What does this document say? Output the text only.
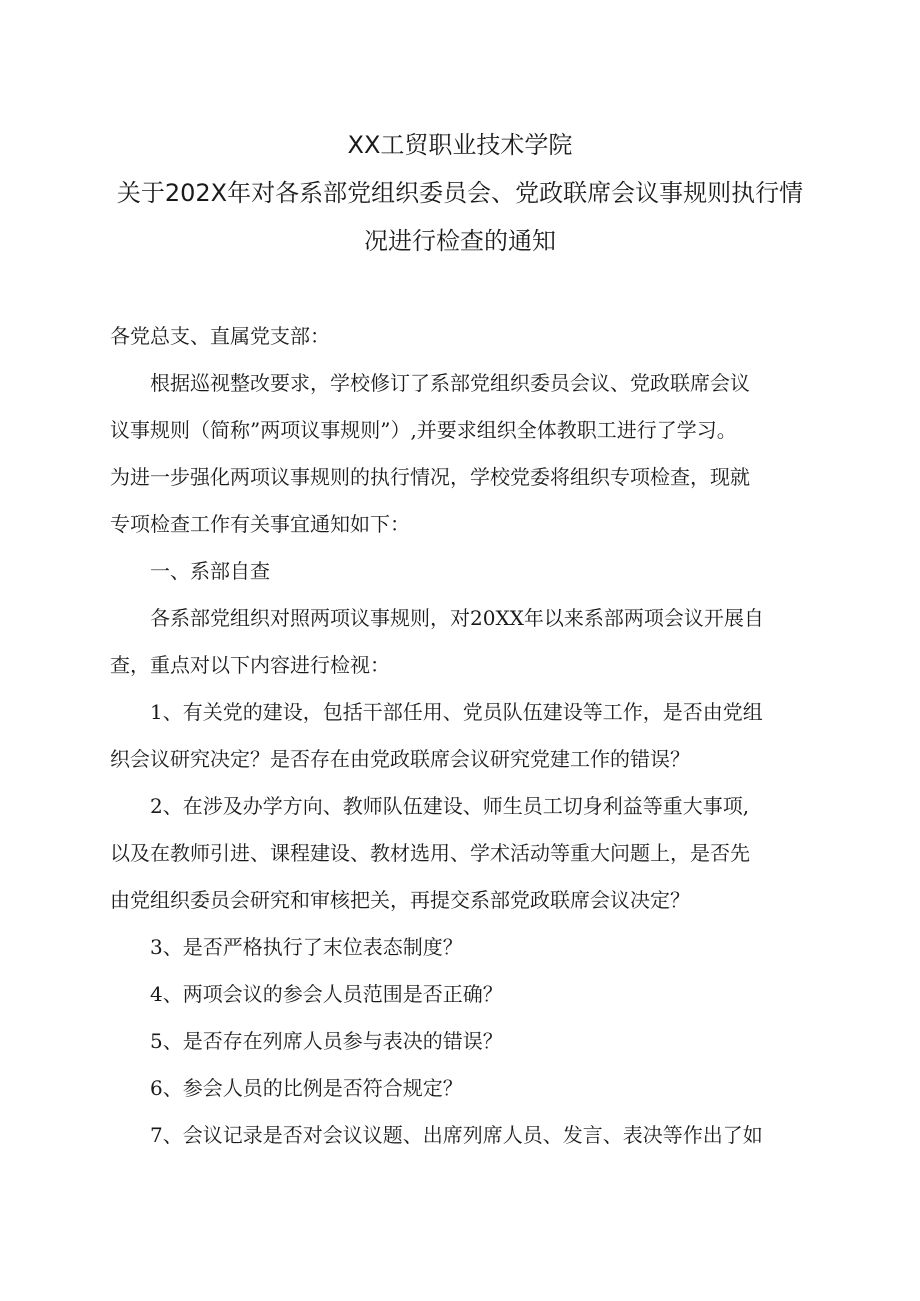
XX工贸职业技术学院

关于202X年对各系部党组织委员会、党政联席会议事规则执行情

况进行检查的通知

各党总支、直属党支部：

根据巡视整改要求，学校修订了系部党组织委员会议、党政联席会议
议事规则（简称”两项议事规则”）,并要求组织全体教职工进行了学习。
为进一步强化两项议事规则的执行情况，学校党委将组织专项检查，现就
专项检查工作有关事宜通知如下：

一、系部自查

各系部党组织对照两项议事规则，对20XX年以来系部两项会议开展自
查，重点对以下内容进行检视：

1、有关党的建设，包括干部任用、党员队伍建设等工作，是否由党组
织会议研究决定？是否存在由党政联席会议研究党建工作的错误？

2、在涉及办学方向、教师队伍建设、师生员工切身利益等重大事项,
以及在教师引进、课程建设、教材选用、学术活动等重大问题上，是否先
由党组织委员会研究和审核把关，再提交系部党政联席会议决定？

3、是否严格执行了末位表态制度？

4、两项会议的参会人员范围是否正确？

5、是否存在列席人员参与表决的错误？

6、参会人员的比例是否符合规定？

7、会议记录是否对会议议题、出席列席人员、发言、表决等作出了如
